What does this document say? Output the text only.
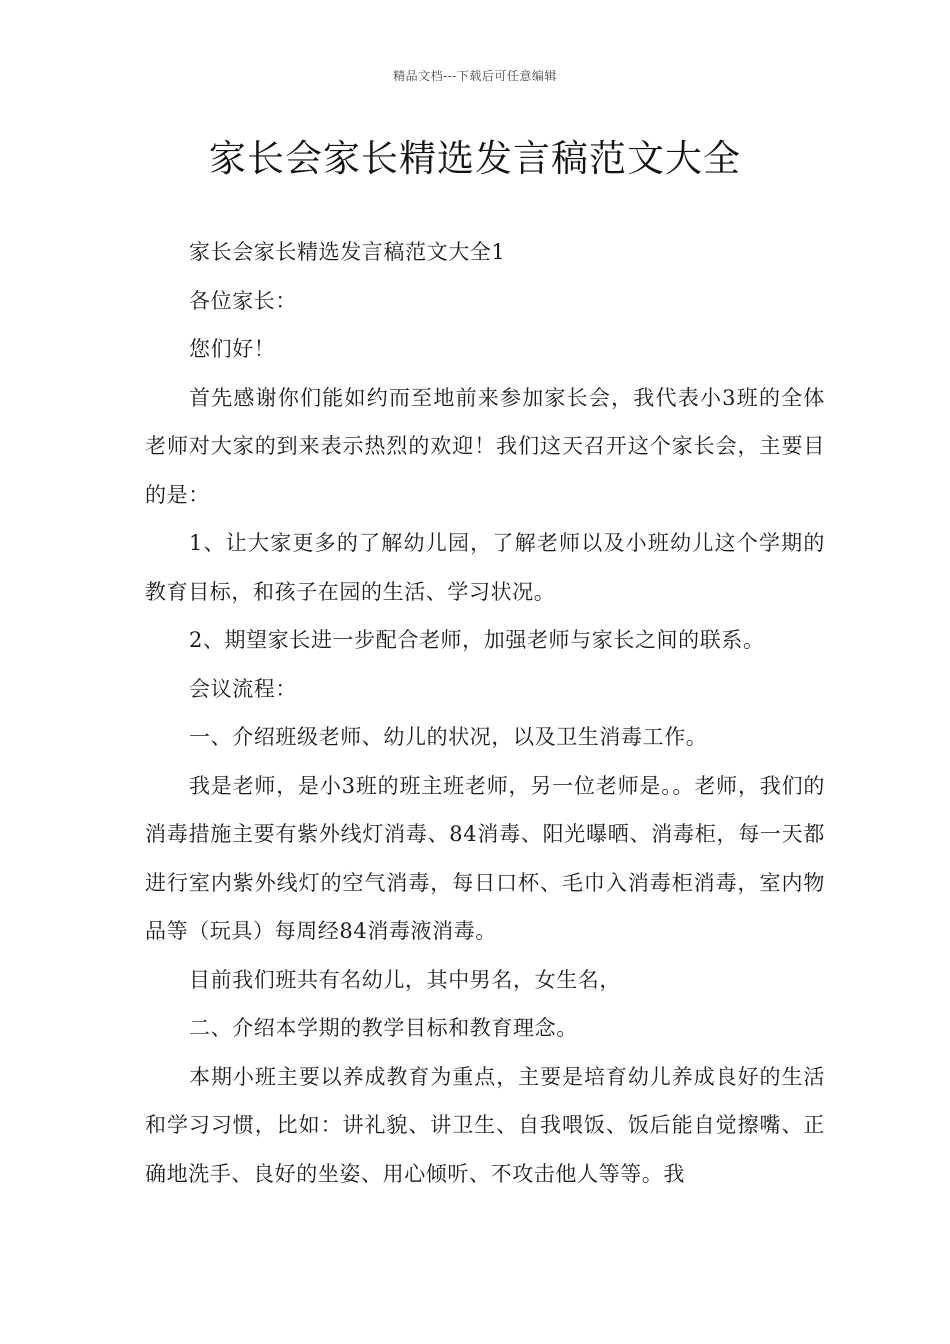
精品文档---下载后可任意编辑
家长会家长精选发言稿范文大全

家长会家长精选发言稿范文大全1

各位家长：

您们好！

首先感谢你们能如约而至地前来参加家长会，我代表小3班的全体老师对大家的到来表示热烈的欢迎！我们这天召开这个家长会，主要目的是：

1、让大家更多的了解幼儿园，了解老师以及小班幼儿这个学期的教育目标，和孩子在园的生活、学习状况。

2、期望家长进一步配合老师，加强老师与家长之间的联系。

会议流程：

一、介绍班级老师、幼儿的状况，以及卫生消毒工作。

我是老师，是小3班的班主班老师，另一位老师是。。老师，我们的消毒措施主要有紫外线灯消毒、84消毒、阳光曝晒、消毒柜，每一天都进行室内紫外线灯的空气消毒，每日口杯、毛巾入消毒柜消毒，室内物品等（玩具）每周经84消毒液消毒。

目前我们班共有名幼儿，其中男名，女生名，

二、介绍本学期的教学目标和教育理念。

本期小班主要以养成教育为重点，主要是培育幼儿养成良好的生活和学习习惯，比如：讲礼貌、讲卫生、自我喂饭、饭后能自觉擦嘴、正确地洗手、良好的坐姿、用心倾听、不攻击他人等等。我
